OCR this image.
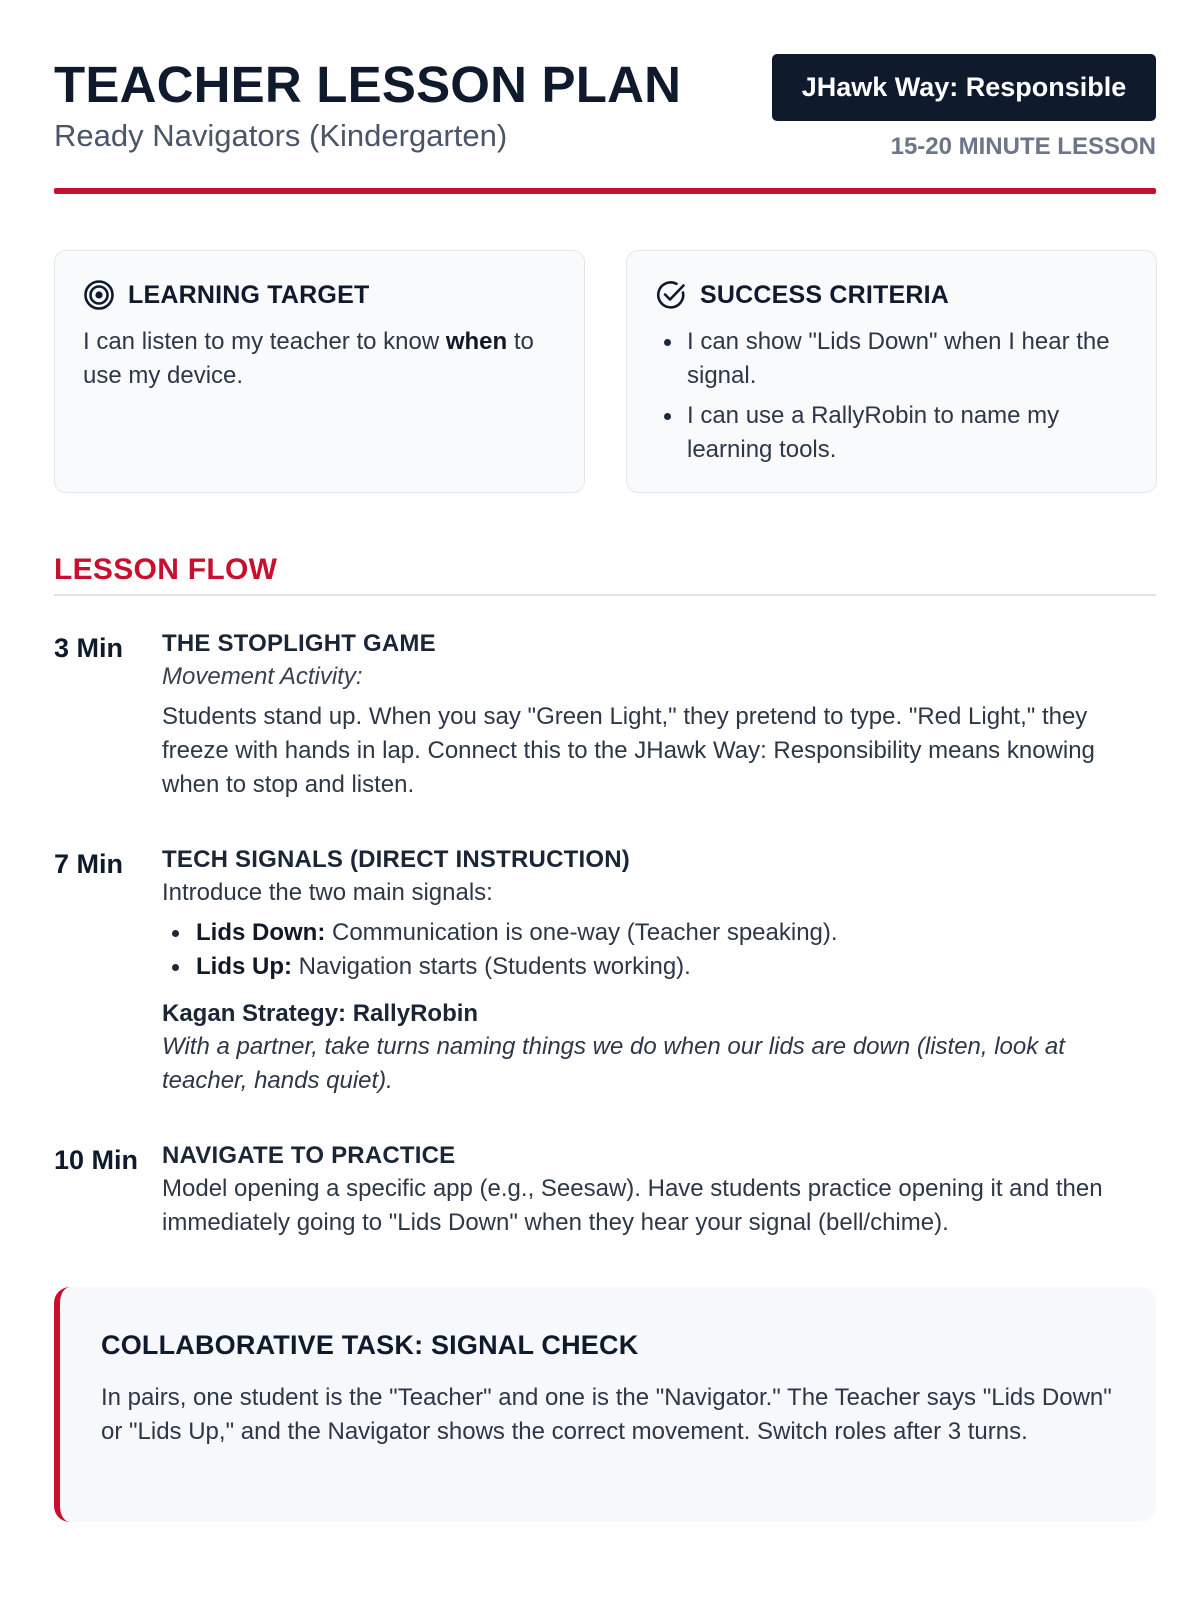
TEACHER LESSON PLAN
Ready Navigators (Kindergarten)
JHawk Way: Responsible
15-20 MINUTE LESSON
LEARNING TARGET

I can listen to my teacher to know when to use my device.

SUCCESS CRITERIA
I can show "Lids Down" when I hear the signal.
I can use a RallyRobin to name my learning tools.
LESSON FLOW
3 Min	THE STOPLIGHT GAME
Movement Activity:
Students stand up. When you say "Green Light," they pretend to type. "Red Light," they freeze with hands in lap. Connect this to the JHawk Way: Responsibility means knowing when to stop and listen.
7 Min	TECH SIGNALS (DIRECT INSTRUCTION)
Introduce the two main signals:
Lids Down: Communication is one-way (Teacher speaking).
Lids Up: Navigation starts (Students working).
Kagan Strategy: RallyRobin
With a partner, take turns naming things we do when our lids are down (listen, look at teacher, hands quiet).
10 Min NAVIGATE TO PRACTICE
Model opening a specific app (e.g., Seesaw). Have students practice opening it and then immediately going to "Lids Down" when they hear your signal (bell/chime).
COLLABORATIVE TASK: SIGNAL CHECK
In pairs, one student is the "Teacher" and one is the "Navigator." The Teacher says "Lids Down" or "Lids Up," and the Navigator shows the correct movement. Switch roles after 3 turns.
